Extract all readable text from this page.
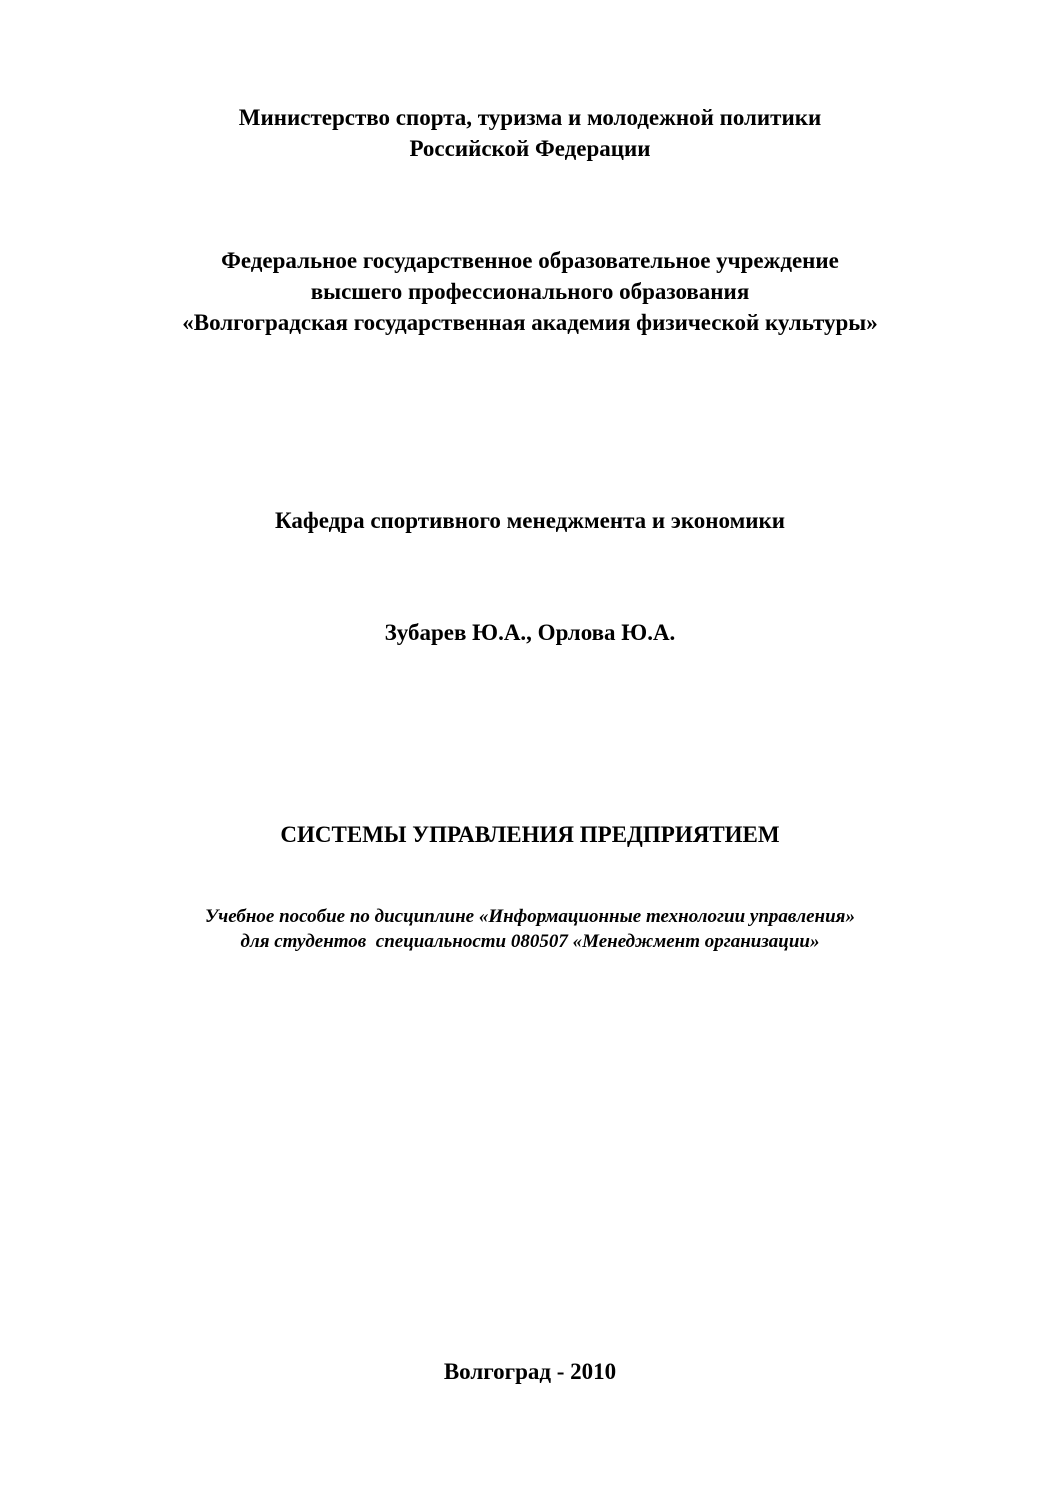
Министерство спорта, туризма и молодежной политики
Российской Федерации
Федеральное государственное образовательное учреждение
высшего профессионального образования
«Волгоградская государственная академия физической культуры»
Кафедра спортивного менеджмента и экономики
Зубарев Ю.А., Орлова Ю.А.
СИСТЕМЫ УПРАВЛЕНИЯ ПРЕДПРИЯТИЕМ
Учебное пособие по дисциплине «Информационные технологии управления»
для студентов  специальности 080507 «Менеджмент организации»
Волгоград - 2010
